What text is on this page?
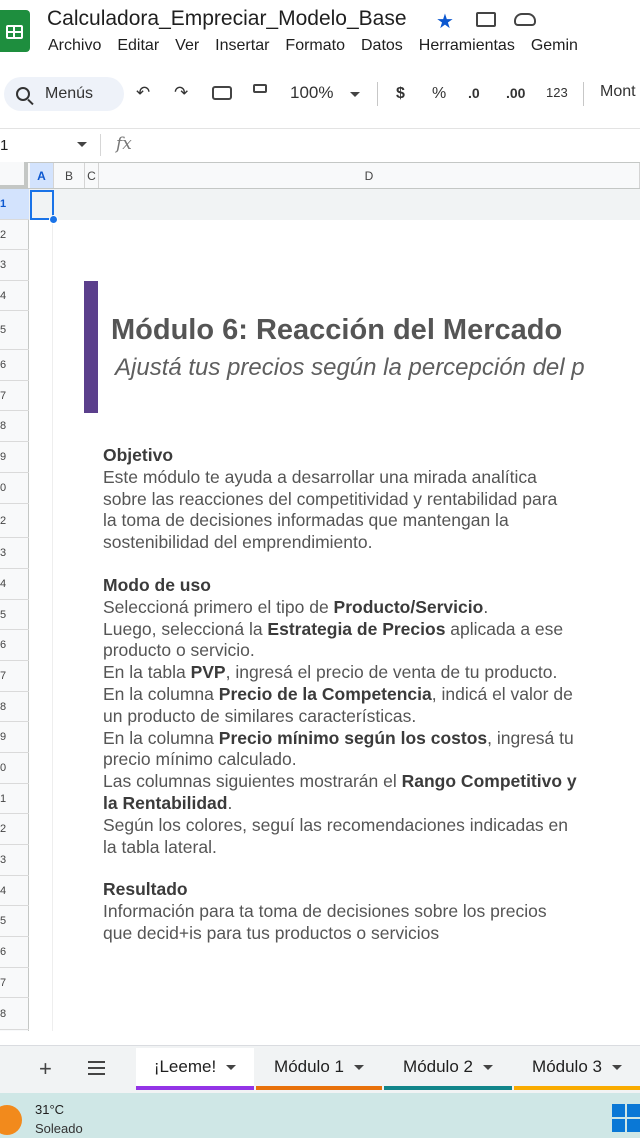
Calculadora_Empreciar_Modelo_Base ★
Archivo Editar Ver Insertar Formato Datos Herramientas Gemin
Menús	↶ ↷	100%	$ % .0 .00 123 Mont
1	fx
A	B	C	D
1
2
3
4
5
6
7
8
9
0
2
3
4
5
6
7
8
9
0
1
2
3
4
5
6
7
8
Módulo 6: Reacción del Mercado
Ajustá tus precios según la percepción del p
Objetivo
Este módulo te ayuda a desarrollar una mirada analítica
sobre las reacciones del competitividad y rentabilidad para
la toma de decisiones informadas que mantengan la
sostenibilidad del emprendimiento.
Modo de uso
Seleccioná primero el tipo de Producto/Servicio.
Luego, seleccioná la Estrategia de Precios aplicada a ese
producto o servicio.
En la tabla PVP, ingresá el precio de venta de tu producto.
En la columna Precio de la Competencia, indicá el valor de
un producto de similares características.
En la columna Precio mínimo según los costos, ingresá tu
precio mínimo calculado.
Las columnas siguientes mostrarán el Rango Competitivo y
la Rentabilidad.
Según los colores, seguí las recomendaciones indicadas en
la tabla lateral.
Resultado
Información para ta toma de decisiones sobre los precios
que decid+is para tus productos o servicios
+	¡Leeme!	Módulo 1	Módulo 2	Módulo 3
31°C
Soleado
